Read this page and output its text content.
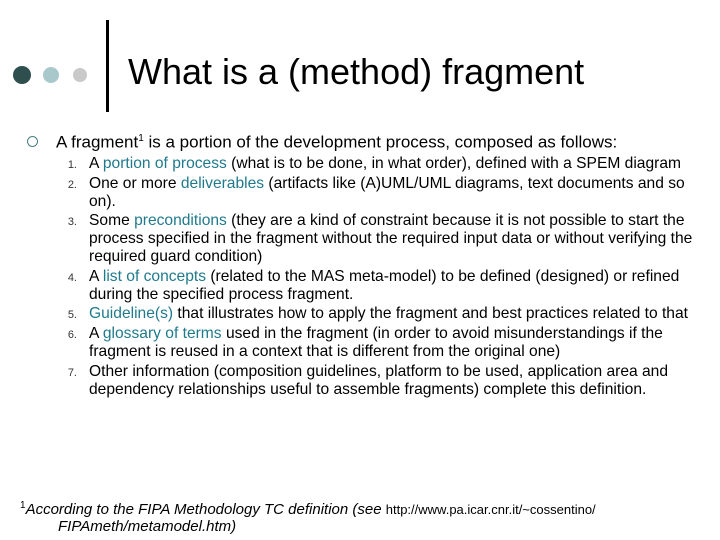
What is a (method) fragment
A fragment$^1$ is a portion of the development process, composed as follows:
1. A portion of process (what is to be done, in what order), defined with a SPEM diagram
2. One or more deliverables (artifacts like (A)UML/UML diagrams, text documents and so on).
3. Some preconditions (they are a kind of constraint because it is not possible to start the process specified in the fragment without the required input data or without verifying the required guard condition)
4. A list of concepts (related to the MAS meta-model) to be defined (designed) or refined during the specified process fragment.
5. Guideline(s) that illustrates how to apply the fragment and best practices related to that
6. A glossary of terms used in the fragment (in order to avoid misunderstandings if the fragment is reused in a context that is different from the original one)
7. Other information (composition guidelines, platform to be used, application area and dependency relationships useful to assemble fragments) complete this definition.
$^1$According to the FIPA Methodology TC definition (see http://www.pa.icar.cnr.it/~cossentino/
FIPAmeth/metamodel.htm)
